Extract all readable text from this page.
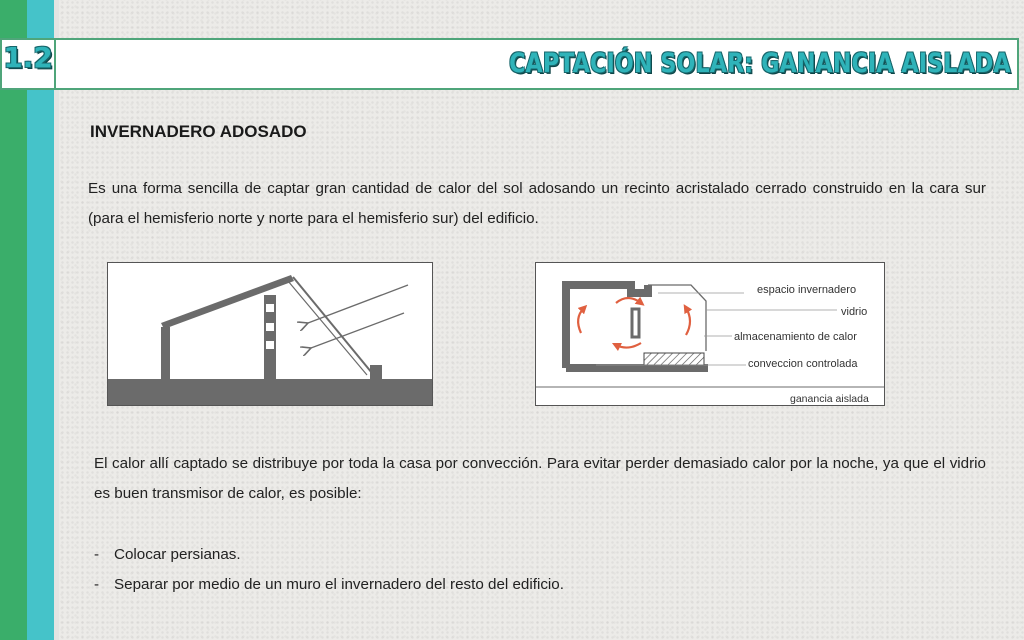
CAPTACIÓN SOLAR: GANANCIA AISLADA
1.2
INVERNADERO ADOSADO

Es una forma sencilla de captar gran cantidad de calor del sol adosando un recinto acristalado cerrado construido en la cara sur (para el hemisferio norte y norte para el hemisferio sur) del edificio.

espacio invernadero
vidrio
almacenamiento de calor
conveccion controlada
ganancia aislada

El calor allí captado se distribuye por toda la casa por convección. Para evitar perder demasiado calor por la noche, ya que el vidrio es buen transmisor de calor, es posible:

- Colocar persianas.
- Separar por medio de un muro el invernadero del resto del edificio.
